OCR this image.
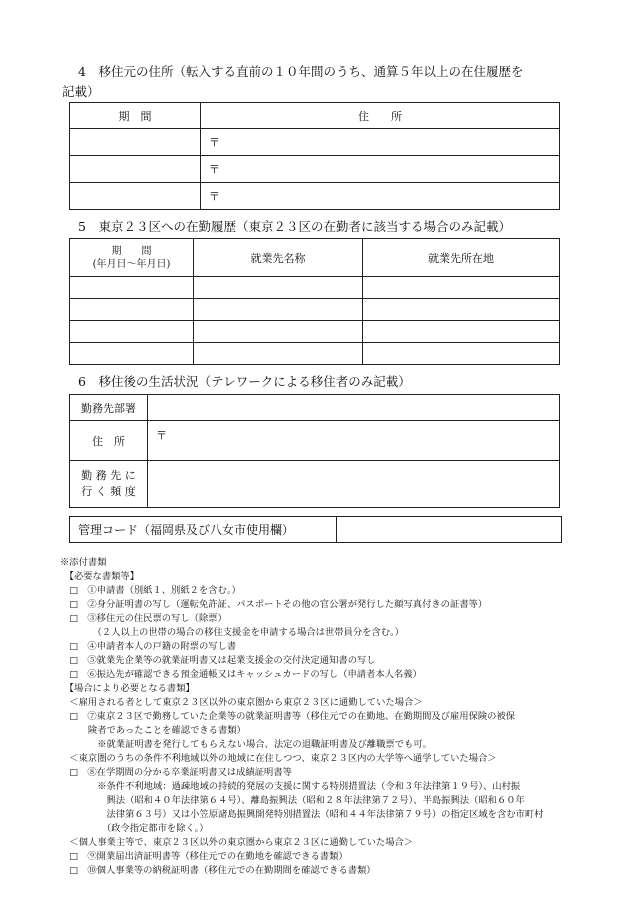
4　移住元の住所（転入する直前の１０年間のうち、通算５年以上の在住履歴を
記載）
期　間	住　　所
	〒
	〒
	〒
5　東京２３区への在勤履歴（東京２３区の在勤者に該当する場合のみ記載）
期　　間
(年月日～年月日)	就業先名称	就業先所在地

6　移住後の生活状況（テレワークによる移住者のみ記載）
勤務先部署	
住　所	〒

勤 務 先 に
行 く 頻 度	

管理コード（福岡県及び八女市使用欄）	
※添付書類
　【必要な書類等】
　□　①申請書（別紙１、別紙２を含む。）
　□　②身分証明書の写し（運転免許証、パスポートその他の官公署が発行した顔写真付きの証書等）
　□　③移住元の住民票の写し（除票）
　　　　（２人以上の世帯の場合の移住支援金を申請する場合は世帯員分を含む。）
　□　④申請者本人の戸籍の附票の写し書
　□　⑤就業先企業等の就業証明書又は起業支援金の交付決定通知書の写し
　□　⑥振込先が確認できる預金通帳又はキャッシュカードの写し（申請者本人名義）
　【場合により必要となる書類】
　＜雇用される者として東京２３区以外の東京圏から東京２３区に通勤していた場合＞
　□　⑦東京２３区で勤務していた企業等の就業証明書等（移住元での在勤地、在勤期間及び雇用保険の被保
　　　険者であったことを確認できる書類）
　　　　※就業証明書を発行してもらえない場合、法定の退職証明書及び離職票でも可。
　＜東京圏のうちの条件不利地域以外の地域に在住しつつ、東京２３区内の大学等へ通学していた場合＞
　□　⑧在学期間の分かる卒業証明書又は成績証明書等
　　　　※条件不利地域：過疎地域の持続的発展の支援に関する特別措置法（令和３年法律第１９号）、山村振
　　　　　興法（昭和４０年法律第６４号）、離島振興法（昭和２８年法律第７２号）、半島振興法（昭和６０年
　　　　　法律第６３号）又は小笠原諸島振興開発特別措置法（昭和４４年法律第７９号）の指定区域を含む市町村
　　　　　（政令指定都市を除く。）
　＜個人事業主等で、東京２３区以外の東京圏から東京２３区に通勤していた場合＞
　□　⑨開業届出済証明書等（移住元での在勤地を確認できる書類）
　□　⑩個人事業等の納税証明書（移住元での在勤期間を確認できる書類）
